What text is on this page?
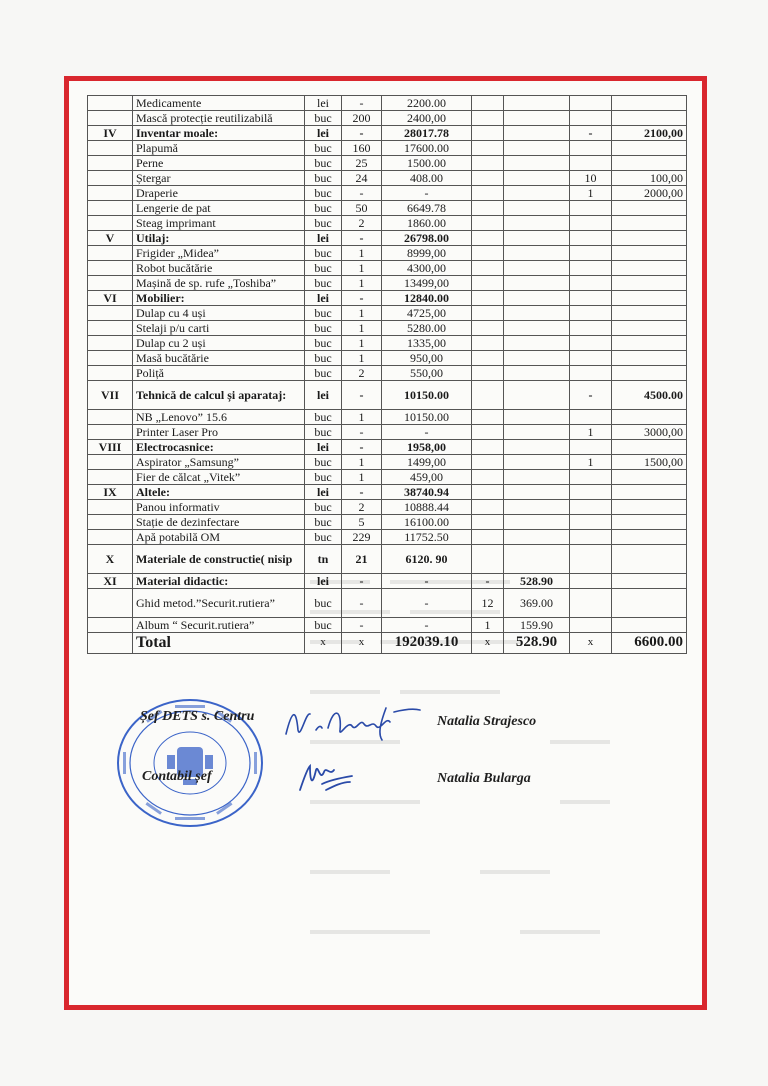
	Medicamente	lei	-	2200.00				
	Mască protecție reutilizabilă	buc	200	2400,00				
IV	Inventar moale:	lei	-	28017.78			-	2100,00
	Plapumă	buc	160	17600.00				
	Perne	buc	25	1500.00				
	Ștergar	buc	24	408.00			10	100,00
	Draperie	buc	-	-			1	2000,00
	Lengerie de pat	buc	50	6649.78				
	Steag imprimant	buc	2	1860.00				
V	Utilaj:	lei	-	26798.00				
	Frigider „Midea”	buc	1	8999,00				
	Robot bucătărie	buc	1	4300,00				
	Mașină de sp. rufe „Toshiba”	buc	1	13499,00				
VI	Mobilier:	lei	-	12840.00				
	Dulap cu 4 uși	buc	1	4725,00				
	Stelaji p/u carti	buc	1	5280.00				
	Dulap cu 2 uși	buc	1	1335,00				
	Masă bucătărie	buc	1	950,00				
	Poliță	buc	2	550,00				
VII	Tehnică de calcul și aparataj:	lei	-	10150.00			-	4500.00
	NB „Lenovo” 15.6	buc	1	10150.00				
	Printer Laser Pro	buc	-	-			1	3000,00
VIII	Electrocasnice:	lei	-	1958,00				
	Aspirator „Samsung”	buc	1	1499,00			1	1500,00
	Fier de călcat „Vitek”	buc	1	459,00				
IX	Altele:	lei	-	38740.94				
	Panou informativ	buc	2	10888.44				
	Stație de dezinfectare	buc	5	16100.00				
	Apă potabilă OM	buc	229	11752.50				
X	Materiale de constructie( nisip	tn	21	6120. 90				
XI	Material didactic:	lei	-	-	-	528.90		
	Ghid metod.”Securit.rutiera”	buc	-	-	12	369.00		
	Album “ Securit.rutiera”	buc	-	-	1	159.90		
	Total	x	x	192039.10	x	528.90	x	6600.00
Șef DETS s. Centru	Natalia Strajesco
Contabil șef	Natalia Bularga
